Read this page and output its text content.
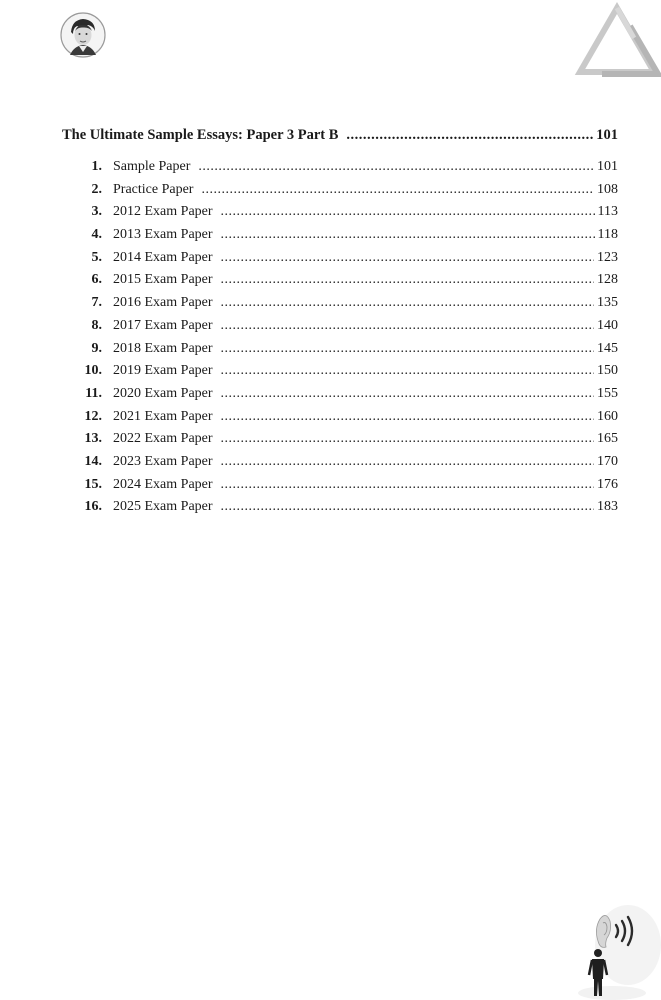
The Ultimate Sample Essays: Paper 3 Part B .....	101
1. Sample Paper .....	101
2. Practice Paper .....	108
3. 2012 Exam Paper .....	113
4. 2013 Exam Paper .....	118
5. 2014 Exam Paper .....	123
6. 2015 Exam Paper .....	128
7. 2016 Exam Paper .....	135
8. 2017 Exam Paper .....	140
9. 2018 Exam Paper .....	145
10. 2019 Exam Paper .....	150
11. 2020 Exam Paper .....	155
12. 2021 Exam Paper .....	160
13. 2022 Exam Paper .....	165
14. 2023 Exam Paper .....	170
15. 2024 Exam Paper .....	176
16. 2025 Exam Paper .....	183
